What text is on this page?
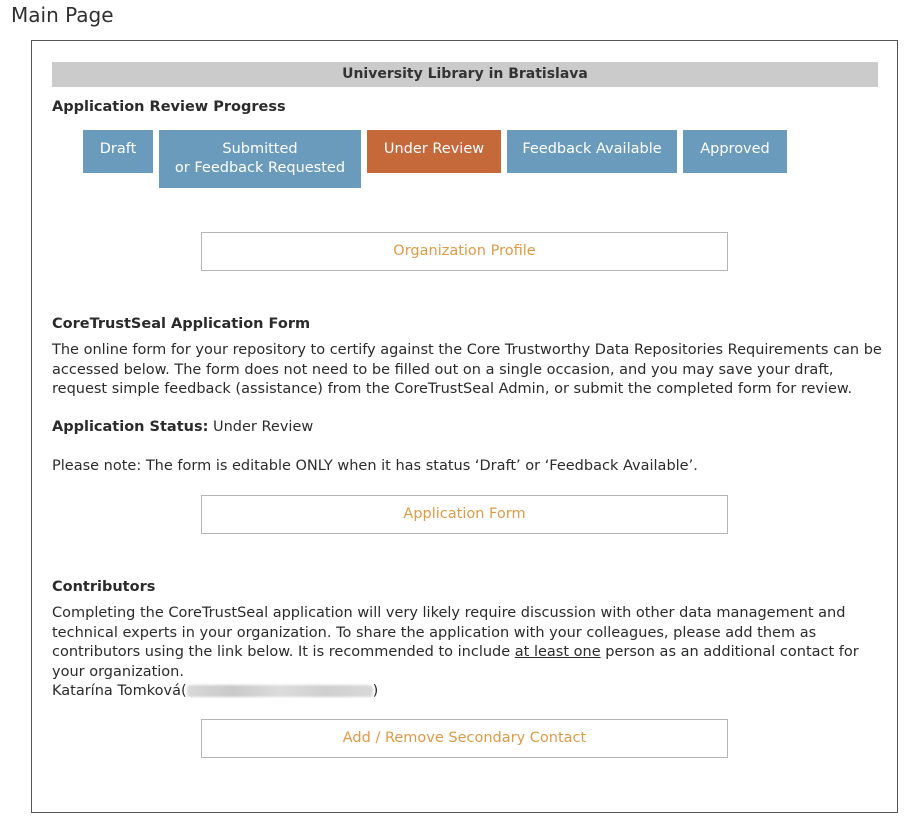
Main Page
University Library in Bratislava
Application Review Progress
Draft	Submitted
or Feedback Requested
Under Review	Feedback Available	Approved
Organization Profile
CoreTrustSeal Application Form
The online form for your repository to certify against the Core Trustworthy Data Repositories Requirements can be accessed below. The form does not need to be filled out on a single occasion, and you may save your draft, request simple feedback (assistance) from the CoreTrustSeal Admin, or submit the completed form for review.
Application Status: Under Review
Please note: The form is editable ONLY when it has status ‘Draft’ or ‘Feedback Available’.
Application Form
Contributors
Completing the CoreTrustSeal application will very likely require discussion with other data management and technical experts in your organization. To share the application with your colleagues, please add them as contributors using the link below. It is recommended to include at least one person as an additional contact for your organization.
Katarína Tomková(	)
Add / Remove Secondary Contact
